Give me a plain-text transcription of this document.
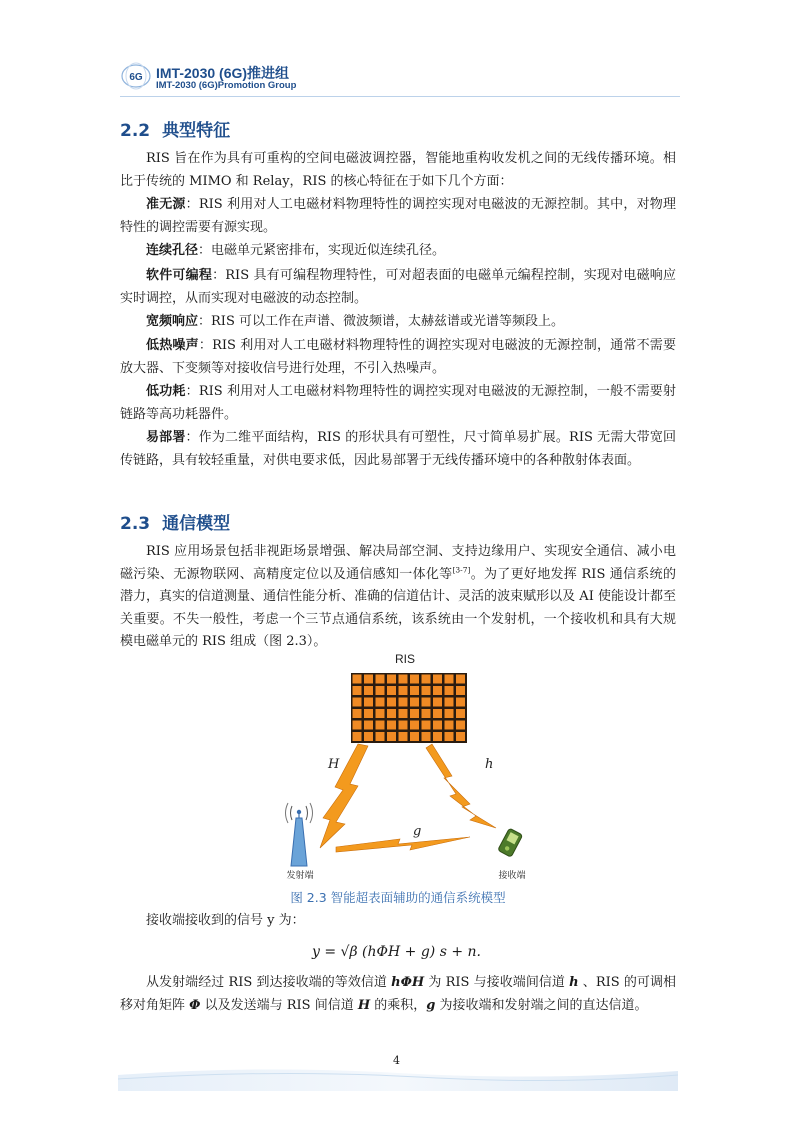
6G IMT-2030 (6G)推进组
IMT-2030 (6G)Promotion Group
2.2 典型特征

RIS 旨在作为具有可重构的空间电磁波调控器，智能地重构收发机之间的无线传播环境。相比于传统的 MIMO 和 Relay，RIS 的核心特征在于如下几个方面：

准无源：RIS 利用对人工电磁材料物理特性的调控实现对电磁波的无源控制。其中，对物理特性的调控需要有源实现。

连续孔径：电磁单元紧密排布，实现近似连续孔径。

软件可编程：RIS 具有可编程物理特性，可对超表面的电磁单元编程控制，实现对电磁响应实时调控，从而实现对电磁波的动态控制。

宽频响应：RIS 可以工作在声谱、微波频谱，太赫兹谱或光谱等频段上。

低热噪声：RIS 利用对人工电磁材料物理特性的调控实现对电磁波的无源控制，通常不需要放大器、下变频等对接收信号进行处理，不引入热噪声。

低功耗：RIS 利用对人工电磁材料物理特性的调控实现对电磁波的无源控制，一般不需要射链路等高功耗器件。

易部署：作为二维平面结构，RIS 的形状具有可塑性，尺寸简单易扩展。RIS 无需大带宽回传链路，具有较轻重量，对供电要求低，因此易部署于无线传播环境中的各种散射体表面。

2.3 通信模型

RIS 应用场景包括非视距场景增强、解决局部空洞、支持边缘用户、实现安全通信、减小电磁污染、无源物联网、高精度定位以及通信感知一体化等[3-7]。为了更好地发挥 RIS 通信系统的潜力，真实的信道测量、通信性能分析、准确的信道估计、灵活的波束赋形以及 AI 使能设计都至关重要。不失一般性，考虑一个三节点通信系统，该系统由一个发射机，一个接收机和具有大规模电磁单元的 RIS 组成（图 2.3）。

RIS
H	h
g
发射端	接收端
图 2.3 智能超表面辅助的通信系统模型

接收端接收到的信号 y 为：

y = √β (hΦH + g) s + n.

从发射端经过 RIS 到达接收端的等效信道 hΦH 为 RIS 与接收端间信道 h 、RIS 的可调相移对角矩阵 Φ 以及发送端与 RIS 间信道 H 的乘积，g 为接收端和发射端之间的直达信道。

4
